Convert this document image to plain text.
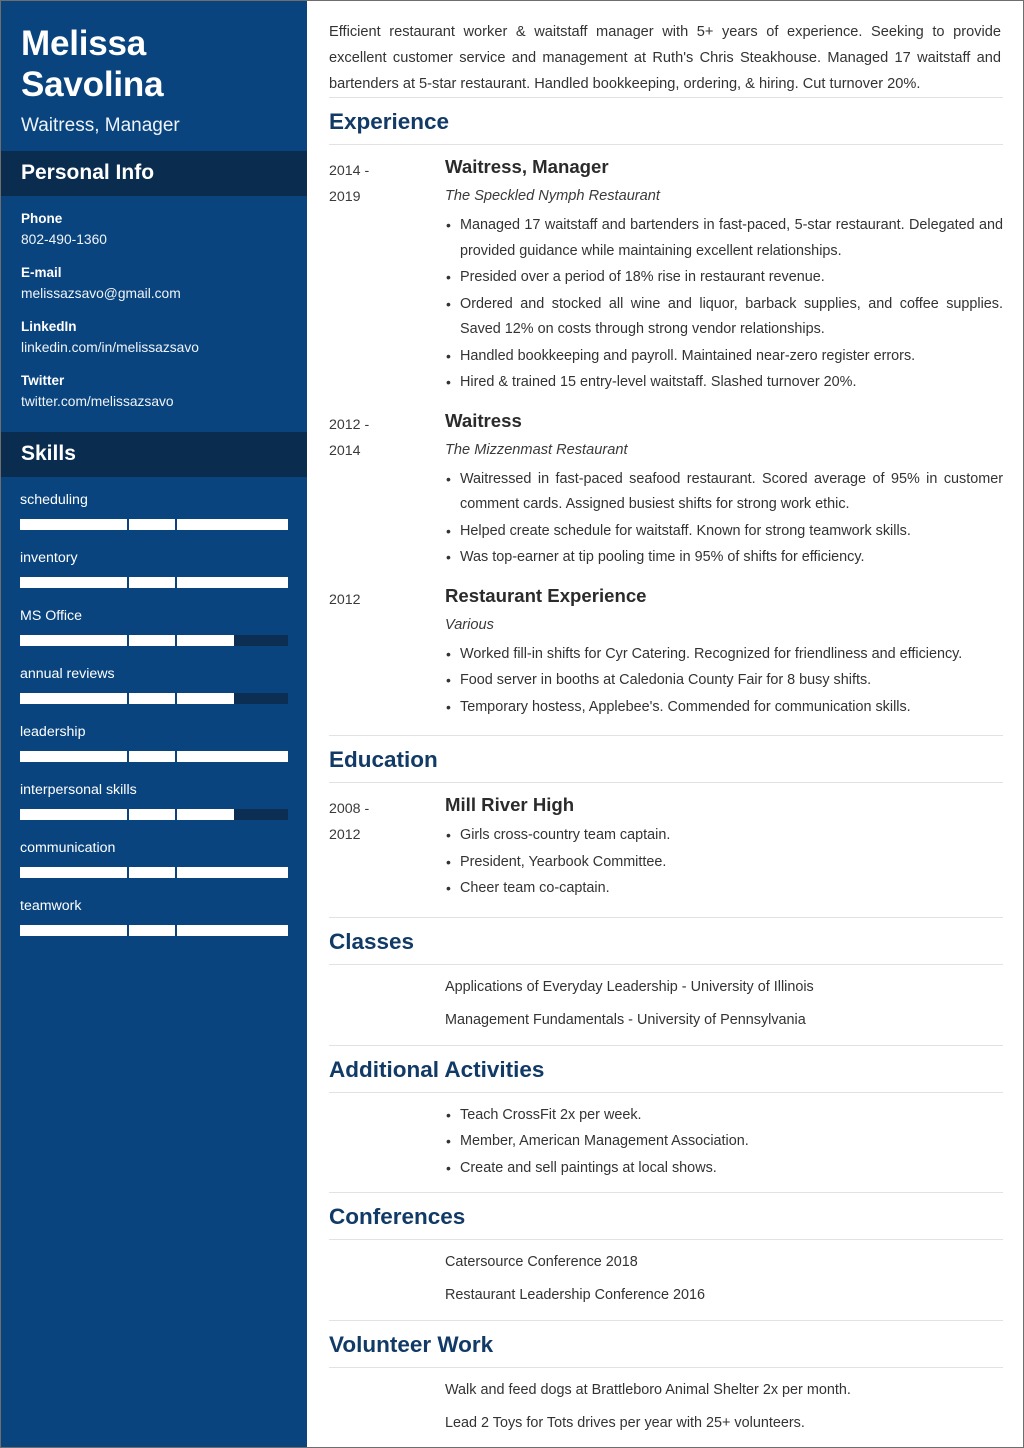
Melissa Savolina
Waitress, Manager
Personal Info
Phone
802-490-1360
E-mail
melissazsavo@gmail.com
LinkedIn
linkedin.com/in/melissazsavo
Twitter
twitter.com/melissazsavo
Skills
scheduling
inventory
MS Office
annual reviews
leadership
interpersonal skills
communication
teamwork

Efficient restaurant worker & waitstaff manager with 5+ years of experience. Seeking to provide excellent customer service and management at Ruth's Chris Steakhouse. Managed 17 waitstaff and bartenders at 5-star restaurant. Handled bookkeeping, ordering, & hiring. Cut turnover 20%.

Experience
2014 -
2019
Waitress, Manager
The Speckled Nymph Restaurant
• Managed 17 waitstaff and bartenders in fast-paced, 5-star restaurant. Delegated and provided guidance while maintaining excellent relationships.
• Presided over a period of 18% rise in restaurant revenue.
• Ordered and stocked all wine and liquor, barback supplies, and coffee supplies. Saved 12% on costs through strong vendor relationships.
• Handled bookkeeping and payroll. Maintained near-zero register errors.
• Hired & trained 15 entry-level waitstaff. Slashed turnover 20%.
2012 -
2014
Waitress
The Mizzenmast Restaurant
• Waitressed in fast-paced seafood restaurant. Scored average of 95% in customer comment cards. Assigned busiest shifts for strong work ethic.
• Helped create schedule for waitstaff. Known for strong teamwork skills.
• Was top-earner at tip pooling time in 95% of shifts for efficiency.
2012	Restaurant Experience
Various
• Worked fill-in shifts for Cyr Catering. Recognized for friendliness and efficiency.
• Food server in booths at Caledonia County Fair for 8 busy shifts.
• Temporary hostess, Applebee's. Commended for communication skills.
Education
2008 -
2012
Mill River High
• Girls cross-country team captain.
• President, Yearbook Committee.
• Cheer team co-captain.
Classes
Applications of Everyday Leadership - University of Illinois
Management Fundamentals - University of Pennsylvania
Additional Activities
• Teach CrossFit 2x per week.
• Member, American Management Association.
• Create and sell paintings at local shows.
Conferences
Catersource Conference 2018
Restaurant Leadership Conference 2016
Volunteer Work
Walk and feed dogs at Brattleboro Animal Shelter 2x per month.
Lead 2 Toys for Tots drives per year with 25+ volunteers.
